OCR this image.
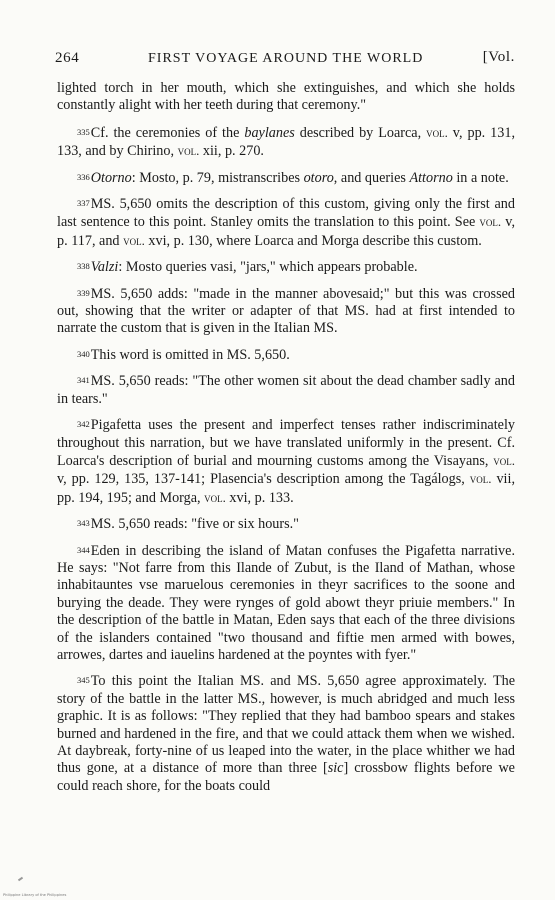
264	FIRST VOYAGE AROUND THE WORLD	[Vol.

lighted torch in her mouth, which she extinguishes, and which she holds constantly alight with her teeth during that ceremony."

$^{335}$Cf. the ceremonies of the baylanes described by Loarca, vol. v, pp. 131, 133, and by Chirino, vol. xii, p. 270.

$^{336}$Otorno: Mosto, p. 79, mistranscribes otoro, and queries Attorno in a note.

$^{337}$MS. 5,650 omits the description of this custom, giving only the first and last sentence to this point. Stanley omits the translation to this point. See vol. v, p. 117, and vol. xvi, p. 130, where Loarca and Morga describe this custom.

$^{338}$Valzi: Mosto queries vasi, "jars," which appears probable.

$^{339}$MS. 5,650 adds: "made in the manner abovesaid;" but this was crossed out, showing that the writer or adapter of that MS. had at first intended to narrate the custom that is given in the Italian MS.

$^{340}$This word is omitted in MS. 5,650.

$^{341}$MS. 5,650 reads: "The other women sit about the dead chamber sadly and in tears."

$^{342}$Pigafetta uses the present and imperfect tenses rather indiscriminately throughout this narration, but we have translated uniformly in the present. Cf. Loarca's description of burial and mourning customs among the Visayans, vol. v, pp. 129, 135, 137-141; Plasencia's description among the Tagálogs, vol. vii, pp. 194, 195; and Morga, vol. xvi, p. 133.

$^{343}$MS. 5,650 reads: "five or six hours."

$^{344}$Eden in describing the island of Matan confuses the Pigafetta narrative. He says: "Not farre from this Ilande of Zubut, is the Iland of Mathan, whose inhabitauntes vse maruelous ceremonies in theyr sacrifices to the soone and burying the deade. They were rynges of gold abowt theyr priuie members." In the description of the battle in Matan, Eden says that each of the three divisions of the islanders contained "two thousand and fiftie men armed with bowes, arrowes, dartes and iauelins hardened at the poyntes with fyer."

$^{345}$To this point the Italian MS. and MS. 5,650 agree approximately. The story of the battle in the latter MS., however, is much abridged and much less graphic. It is as follows: "They replied that they had bamboo spears and stakes burned and hardened in the fire, and that we could attack them when we wished. At daybreak, forty-nine of us leaped into the water, in the place whither we had thus gone, at a distance of more than three [sic] crossbow flights before we could reach shore, for the boats could

Philippine Library of the Philippines
